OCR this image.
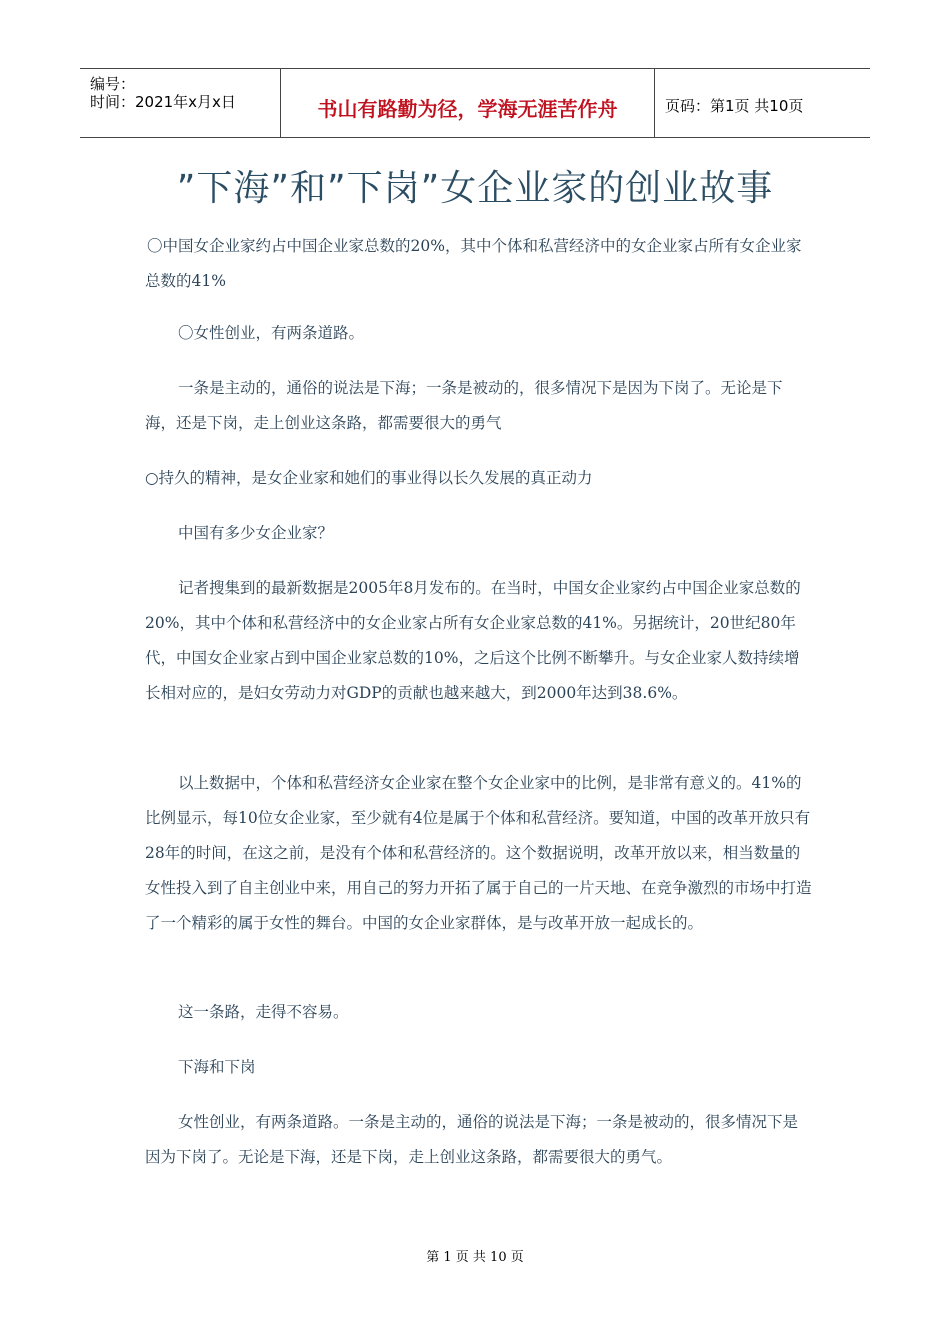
编号：
时间：2021年x月x日	书山有路勤为径，学海无涯苦作舟	页码：第1页 共10页
”下海”和”下岗”女企业家的创业故事

〇中国女企业家约占中国企业家总数的20%，其中个体和私营经济中的女企业家占所有女企业家总数的41%

〇女性创业，有两条道路。

一条是主动的，通俗的说法是下海；一条是被动的，很多情况下是因为下岗了。无论是下海，还是下岗，走上创业这条路，都需要很大的勇气

○持久的精神，是女企业家和她们的事业得以长久发展的真正动力

中国有多少女企业家？

记者搜集到的最新数据是2005年8月发布的。在当时，中国女企业家约占中国企业家总数的20%，其中个体和私营经济中的女企业家占所有女企业家总数的41%。另据统计，20世纪80年代，中国女企业家占到中国企业家总数的10%，之后这个比例不断攀升。与女企业家人数持续增长相对应的，是妇女劳动力对GDP的贡献也越来越大，到2000年达到38.6%。

以上数据中，个体和私营经济女企业家在整个女企业家中的比例，是非常有意义的。41%的比例显示，每10位女企业家，至少就有4位是属于个体和私营经济。要知道，中国的改革开放只有28年的时间，在这之前，是没有个体和私营经济的。这个数据说明，改革开放以来，相当数量的女性投入到了自主创业中来，用自己的努力开拓了属于自己的一片天地、在竞争激烈的市场中打造了一个精彩的属于女性的舞台。中国的女企业家群体，是与改革开放一起成长的。

这一条路，走得不容易。

下海和下岗

女性创业，有两条道路。一条是主动的，通俗的说法是下海；一条是被动的，很多情况下是因为下岗了。无论是下海，还是下岗，走上创业这条路，都需要很大的勇气。

第 1 页 共 10 页
